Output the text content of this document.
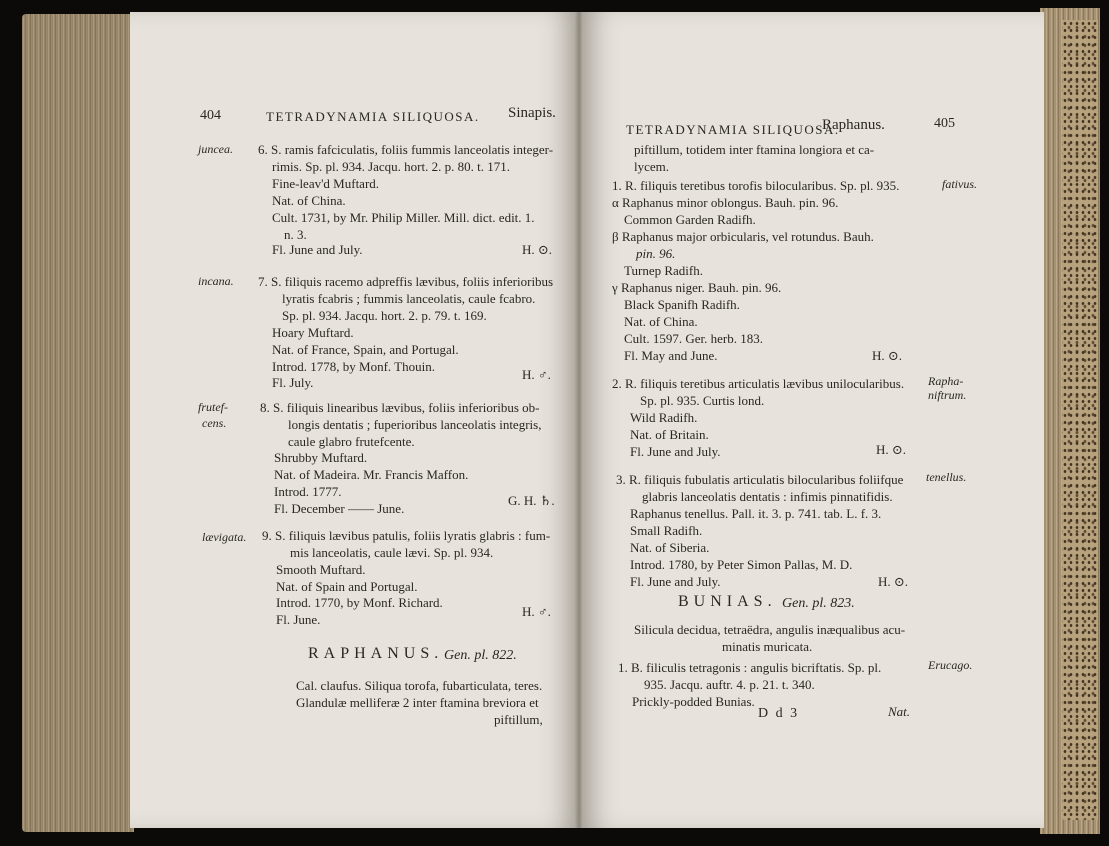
404	TETRADYNAMIA SILIQUOSA. Sinapis.
juncea. 6. S. ramis fafciculatis, foliis fummis lanceolatis integer-
rimis. Sp. pl. 934. Jacqu. hort. 2. p. 80. t. 171.
Fine-leav'd Muftard.
Nat. of China.
Cult. 1731, by Mr. Philip Miller. Mill. dict. edit. 1.
n. 3.
Fl. June and July.	H. ⊙.
incana. 7. S. filiquis racemo adpreffis lævibus, foliis inferioribus
lyratis fcabris ; fummis lanceolatis, caule fcabro.
Sp. pl. 934. Jacqu. hort. 2. p. 79. t. 169.
Hoary Muftard.
Nat. of France, Spain, and Portugal.
Introd. 1778, by Monf. Thouin.
Fl. July.
H. ♂.
frutef-
cens.
8. S. filiquis linearibus lævibus, foliis inferioribus ob-
longis dentatis ; fuperioribus lanceolatis integris,
caule glabro frutefcente.
Shrubby Muftard.
Nat. of Madeira. Mr. Francis Maffon.
Introd. 1777.
Fl. December —— June.
G. H. ♄.
lævigata. 9. S. filiquis lævibus patulis, foliis lyratis glabris : fum-
mis lanceolatis, caule lævi. Sp. pl. 934.
Smooth Muftard.
Nat. of Spain and Portugal.
Introd. 1770, by Monf. Richard.
Fl. June.
H. ♂.
RAPHANUS. Gen. pl. 822.
Cal. claufus. Siliqua torofa, fubarticulata, teres.
Glandulæ melliferæ 2 inter ftamina breviora et
piftillum,
TETRADYNAMIA SILIQUOSA.
Raphanus.	405
piftillum, totidem inter ftamina longiora et ca-
lycem.
1. R. filiquis teretibus torofis bilocularibus. Sp. pl. 935.	fativus.
α Raphanus minor oblongus. Bauh. pin. 96.
Common Garden Radifh.
β Raphanus major orbicularis, vel rotundus. Bauh.
pin. 96.
Turnep Radifh.
γ Raphanus niger. Bauh. pin. 96.
Black Spanifh Radifh.
Nat. of China.
Cult. 1597. Ger. herb. 183.
Fl. May and June.	H. ⊙.
2. R. filiquis teretibus articulatis lævibus unilocularibus. Rapha-
niftrum.
Sp. pl. 935. Curtis lond.
Wild Radifh.
Nat. of Britain.
Fl. June and July.	H. ⊙.
3. R. filiquis fubulatis articulatis bilocularibus foliifque tenellus.
glabris lanceolatis dentatis : infimis pinnatifidis.
Raphanus tenellus. Pall. it. 3. p. 741. tab. L. f. 3.
Small Radifh.
Nat. of Siberia.
Introd. 1780, by Peter Simon Pallas, M. D.
Fl. June and July.	H. ⊙.
BUNIAS. Gen. pl. 823.
Silicula decidua, tetraëdra, angulis inæqualibus acu-
minatis muricata.
1. B. filiculis tetragonis : angulis bicriftatis. Sp. pl.	Erucago.
935. Jacqu. auftr. 4. p. 21. t. 340.
Prickly-podded Bunias.
D d 3	Nat.
